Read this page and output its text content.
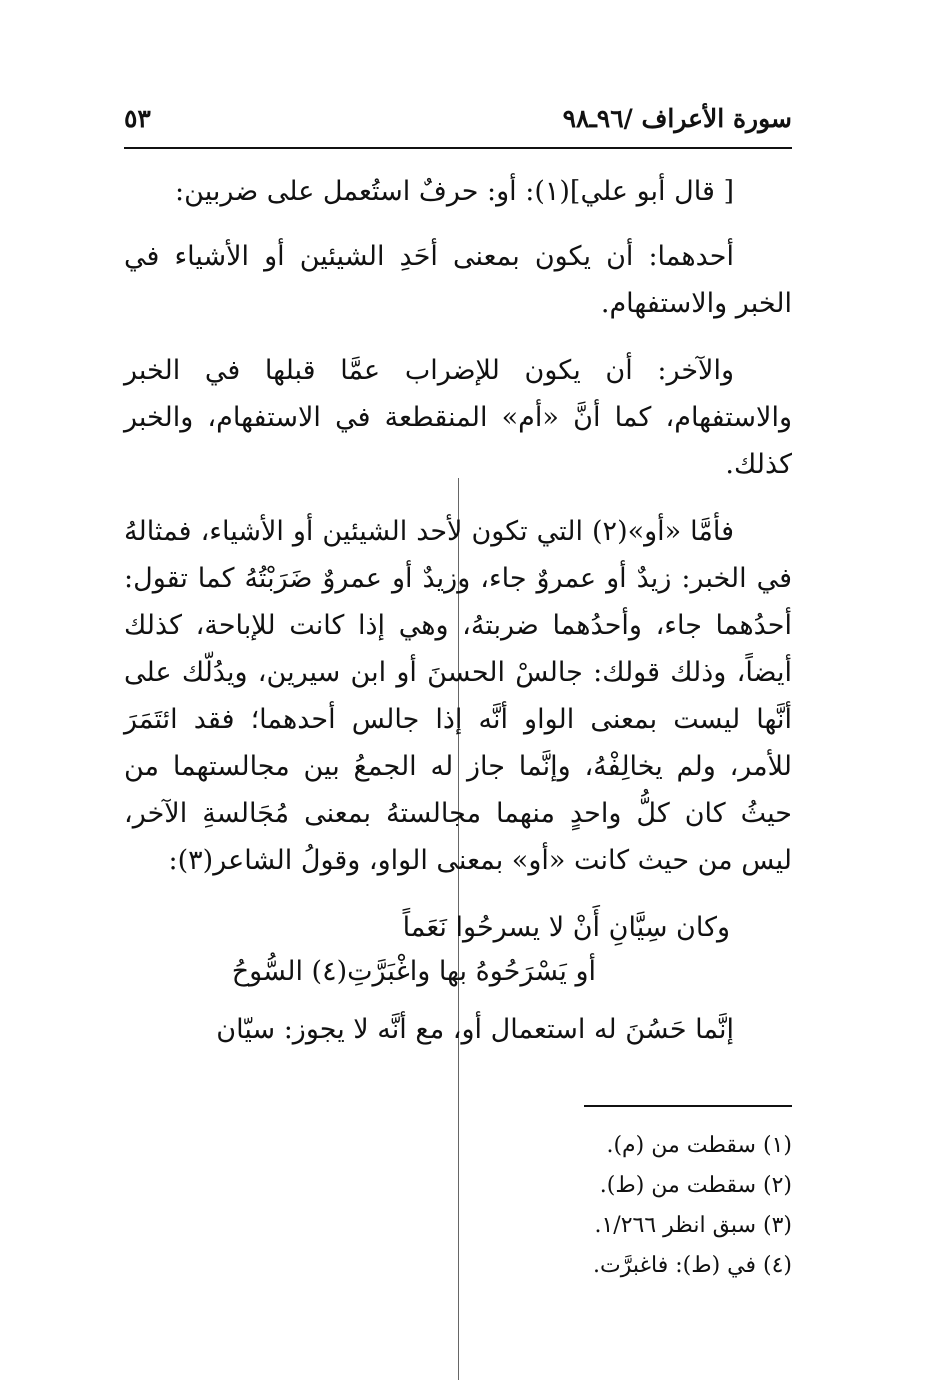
سورة الأعراف /٩٦ـ٩٨
٥٣

[ قال أبو علي](١): أو: حرفٌ استُعمل على ضربين:

أحدهما: أن يكون بمعنى أحَدِ الشيئين أو الأشياء في الخبر والاستفهام.

والآخر: أن يكون للإضراب عمَّا قبلها في الخبر والاستفهام، كما أنَّ «أم» المنقطعة في الاستفهام، والخبر كذلك.

فأمَّا «أو»(٢) التي تكون لأحد الشيئين أو الأشياء، فمثالهُ في الخبر: زيدٌ أو عمروٌ جاء، وزيدٌ أو عمروٌ ضَرَبْتُهُ كما تقول: أحدُهما جاء، وأحدُهما ضربتهُ، وهي إذا كانت للإباحة، كذلك أيضاً، وذلك قولك: جالسْ الحسنَ أو ابن سيرين، ويدُلّك على أنَّها ليست بمعنى الواو أنَّه إذا جالس أحدهما؛ فقد ائتَمَرَ للأمر، ولم يخالِفْهُ، وإنَّما جاز له الجمعُ بين مجالستهما من حيثُ كان كلُّ واحدٍ منهما مجالستهُ بمعنى مُجَالسةِ الآخر، ليس من حيث كانت «أو» بمعنى الواو، وقولُ الشاعر(٣):

وكان سِيَّانِ أَنْ لا يسرحُوا نَعَماً
أو يَسْرَحُوهُ بها واغْبَرَّتِ(٤) السُّوحُ

إنَّما حَسُنَ له استعمال أو، مع أنَّه لا يجوز: سيّان

(١) سقطت من (م).
(٢) سقطت من (ط).
(٣) سبق انظر ١/٢٦٦.
(٤) في (ط): فاغبرَّت.
